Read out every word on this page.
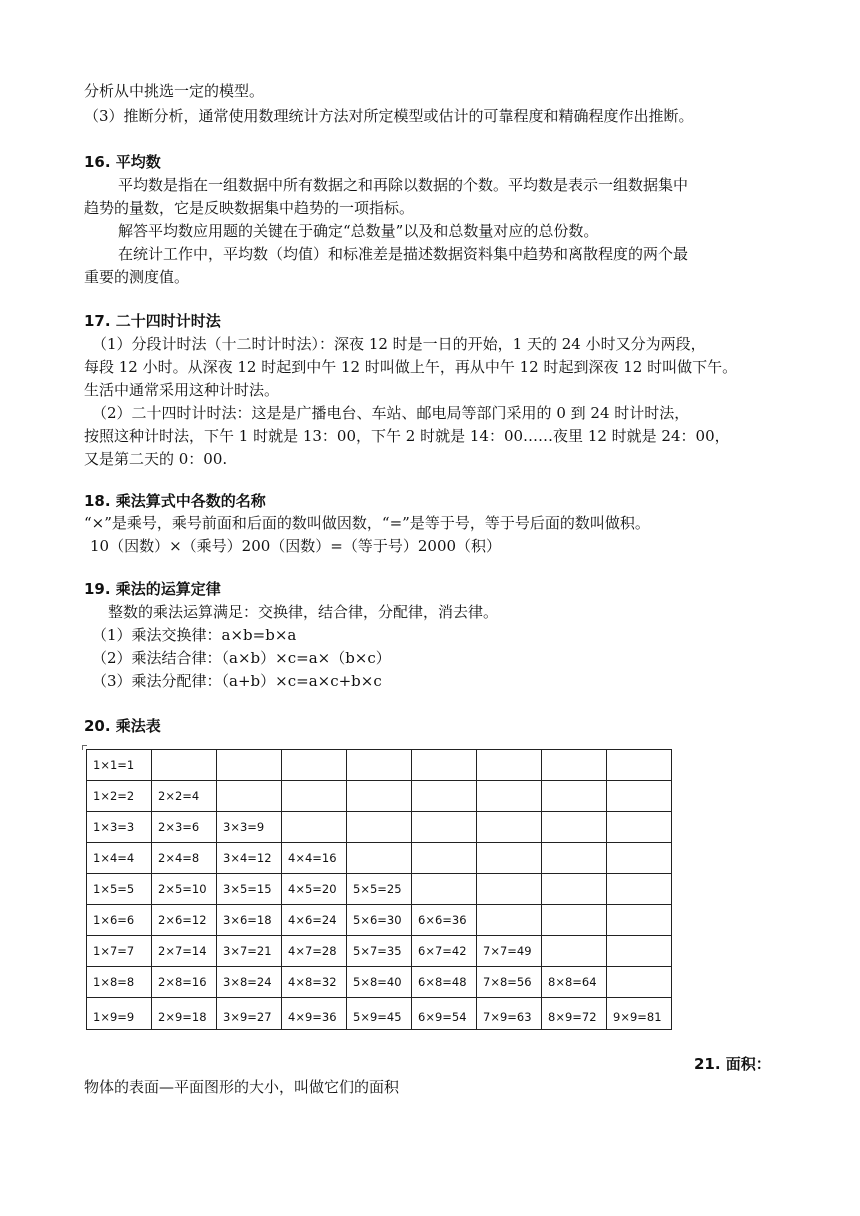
分析从中挑选一定的模型。
（3）推断分析，通常使用数理统计方法对所定模型或估计的可靠程度和精确程度作出推断。
16. 平均数
平均数是指在一组数据中所有数据之和再除以数据的个数。平均数是表示一组数据集中
趋势的量数，它是反映数据集中趋势的一项指标。
解答平均数应用题的关键在于确定“总数量”以及和总数量对应的总份数。
在统计工作中，平均数（均值）和标准差是描述数据资料集中趋势和离散程度的两个最
重要的测度值。
17. 二十四时计时法
（1）分段计时法（十二时计时法）：深夜 12 时是一日的开始，1 天的 24 小时又分为两段，
每段 12 小时。从深夜 12 时起到中午 12 时叫做上午，再从中午 12 时起到深夜 12 时叫做下午。
生活中通常采用这种计时法。
（2）二十四时计时法：这是是广播电台、车站、邮电局等部门采用的 0 到 24 时计时法，
按照这种计时法，下午 1 时就是 13：00，下午 2 时就是 14：00……夜里 12 时就是 24：00，
又是第二天的 0：00.
18. 乘法算式中各数的名称
“×”是乘号，乘号前面和后面的数叫做因数，“=”是等于号，等于号后面的数叫做积。
10（因数）×（乘号）200（因数）=（等于号）2000（积）
19. 乘法的运算定律
整数的乘法运算满足：交换律，结合律，分配律，消去律。
（1）乘法交换律：a×b=b×a
（2）乘法结合律：（a×b）×c=a×（b×c）
（3）乘法分配律：（a+b）×c=a×c+b×c
20. 乘法表
1×1=1								
1×2=2	2×2=4							
1×3=3	2×3=6	3×3=9						
1×4=4	2×4=8	3×4=12	4×4=16					
1×5=5	2×5=10	3×5=15	4×5=20	5×5=25				
1×6=6	2×6=12	3×6=18	4×6=24	5×6=30	6×6=36			
1×7=7	2×7=14	3×7=21	4×7=28	5×7=35	6×7=42	7×7=49		
1×8=8	2×8=16	3×8=24	4×8=32	5×8=40	6×8=48	7×8=56	8×8=64	
1×9=9	2×9=18	3×9=27	4×9=36	5×9=45	6×9=54	7×9=63	8×9=72	9×9=81
21. 面积：
物体的表面—平面图形的大小，叫做它们的面积
